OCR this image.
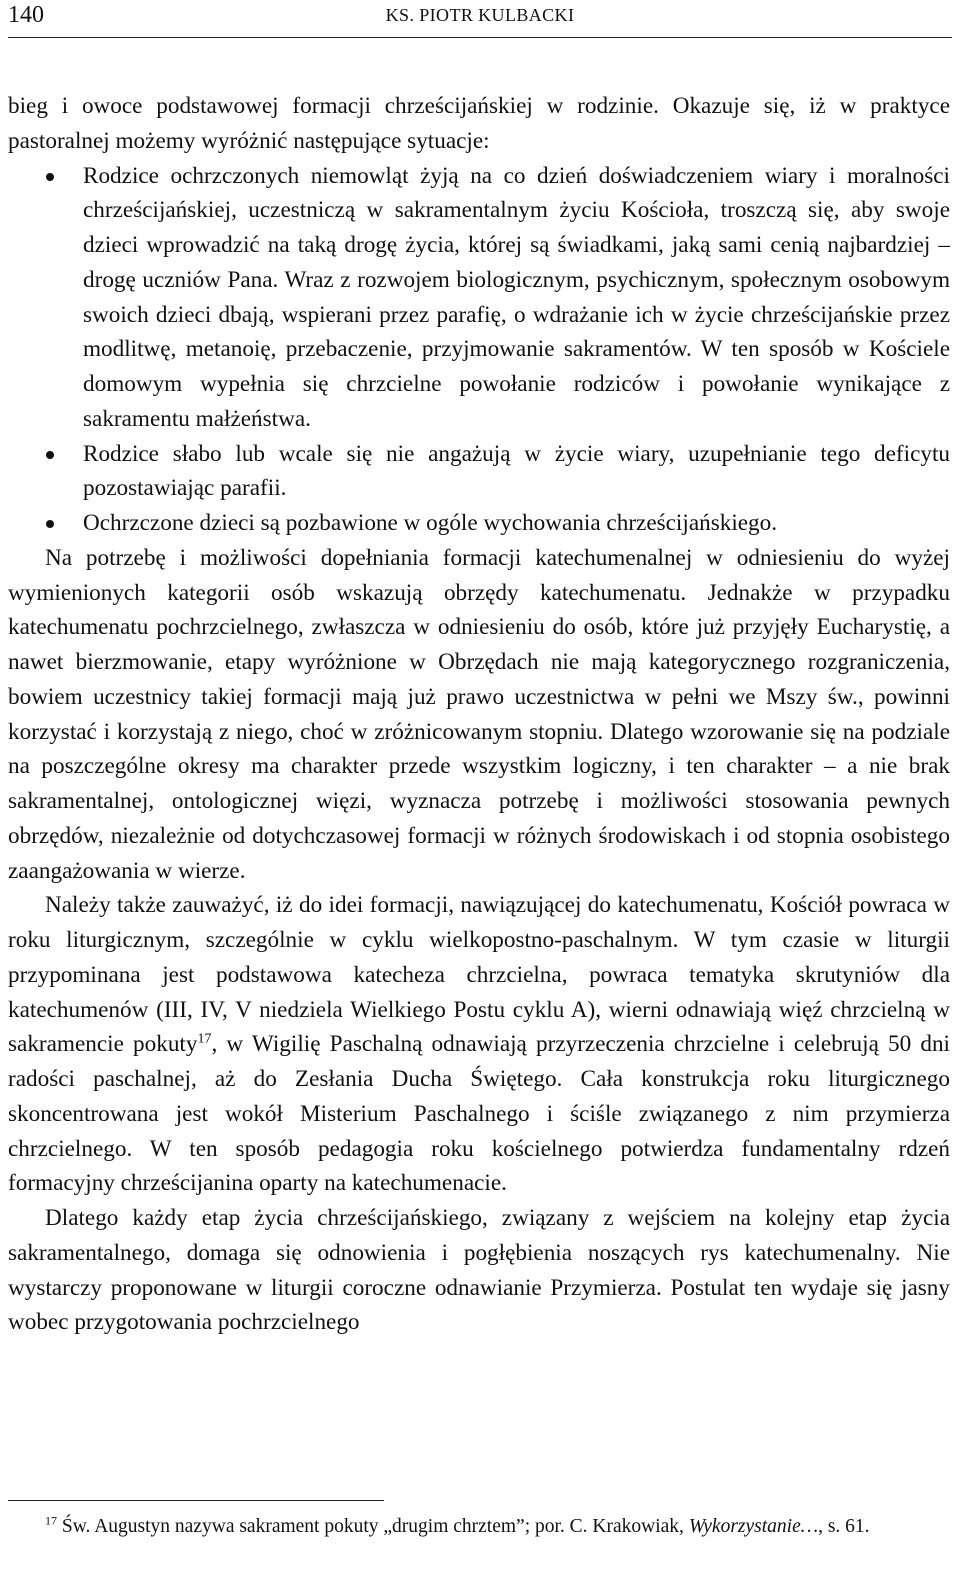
140	KS. PIOTR KULBACKI

bieg i owoce podstawowej formacji chrześcijańskiej w rodzinie. Okazuje się, iż w praktyce pastoralnej możemy wyróżnić następujące sytuacje:

Rodzice ochrzczonych niemowląt żyją na co dzień doświadczeniem wiary i moralności chrześcijańskiej, uczestniczą w sakramentalnym życiu Kościoła, troszczą się, aby swoje dzieci wprowadzić na taką drogę życia, której są świadkami, jaką sami cenią najbardziej – drogę uczniów Pana. Wraz z rozwojem biologicznym, psychicznym, społecznym osobowym swoich dzieci dbają, wspierani przez parafię, o wdrażanie ich w życie chrześcijańskie przez modlitwę, metanoię, przebaczenie, przyjmowanie sakramentów. W ten sposób w Kościele domowym wypełnia się chrzcielne powołanie rodziców i powołanie wynikające z sakramentu małżeństwa.
Rodzice słabo lub wcale się nie angażują w życie wiary, uzupełnianie tego deficytu pozostawiając parafii.
Ochrzczone dzieci są pozbawione w ogóle wychowania chrześcijańskiego.

Na potrzebę i możliwości dopełniania formacji katechumenalnej w odniesieniu do wyżej wymienionych kategorii osób wskazują obrzędy katechumenatu. Jednakże w przypadku katechumenatu pochrzcielnego, zwłaszcza w odniesieniu do osób, które już przyjęły Eucharystię, a nawet bierzmowanie, etapy wyróżnione w Obrzędach nie mają kategorycznego rozgraniczenia, bowiem uczestnicy takiej formacji mają już prawo uczestnictwa w pełni we Mszy św., powinni korzystać i korzystają z niego, choć w zróżnicowanym stopniu. Dlatego wzorowanie się na podziale na poszczególne okresy ma charakter przede wszystkim logiczny, i ten charakter – a nie brak sakramentalnej, ontologicznej więzi, wyznacza potrzebę i możliwości stosowania pewnych obrzędów, niezależnie od dotychczasowej formacji w różnych środowiskach i od stopnia osobistego zaangażowania w wierze.

Należy także zauważyć, iż do idei formacji, nawiązującej do katechumenatu, Kościół powraca w roku liturgicznym, szczególnie w cyklu wielkopostno-paschalnym. W tym czasie w liturgii przypominana jest podstawowa katecheza chrzcielna, powraca tematyka skrutyniów dla katechumenów (III, IV, V niedziela Wielkiego Postu cyklu A), wierni odnawiają więź chrzcielną w sakramencie pokuty$^{17}$, w Wigilię Paschalną odnawiają przyrzeczenia chrzcielne i celebrują 50 dni radości paschalnej, aż do Zesłania Ducha Świętego. Cała konstrukcja roku liturgicznego skoncentrowana jest wokół Misterium Paschalnego i ściśle związanego z nim przymierza chrzcielnego. W ten sposób pedagogia roku kościelnego potwierdza fundamentalny rdzeń formacyjny chrześcijanina oparty na katechumenacie.

Dlatego każdy etap życia chrześcijańskiego, związany z wejściem na kolejny etap życia sakramentalnego, domaga się odnowienia i pogłębienia noszących rys katechumenalny. Nie wystarczy proponowane w liturgii coroczne odnawianie Przymierza. Postulat ten wydaje się jasny wobec przygotowania pochrzcielnego

$^{17}$ Św. Augustyn nazywa sakrament pokuty „drugim chrztem”; por. C. Krakowiak, Wykorzystanie…, s. 61.
